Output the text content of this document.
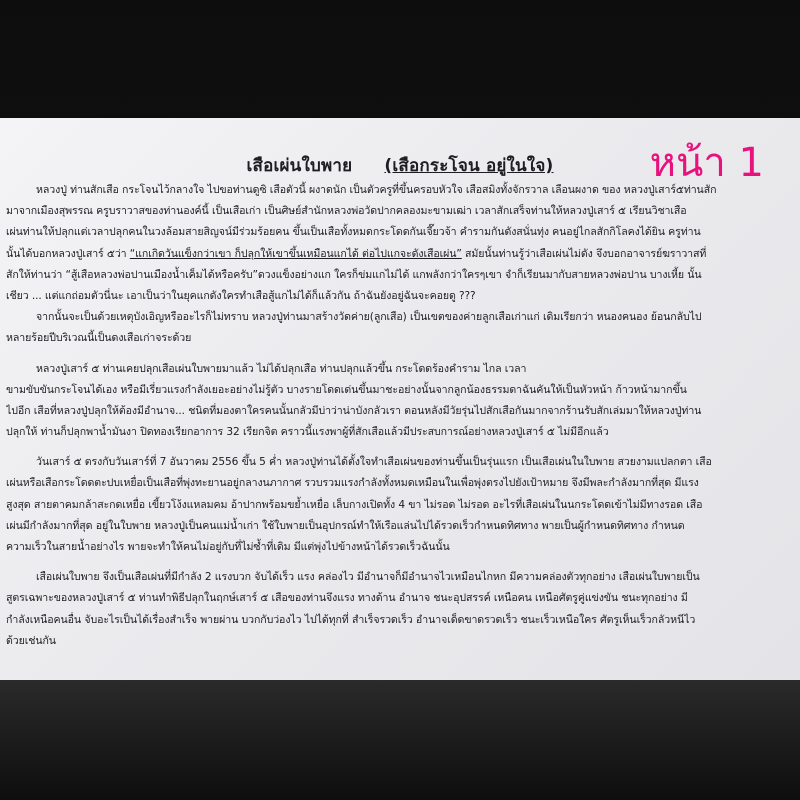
หน้า 1
เสือเผ่นใบพาย (เสือกระโจน อยู่ในใจ)
หลวงปู่ ท่านสักเสือ กระโจนไว้กลางใจ ไปขอท่านดูซิ เสือตัวนี้ ผงาดนัก เป็นตัวครูที่ขึ้นครอบหัวใจ เสือสมิงทั้งจักรวาล เลือนผงาด ของ หลวงปู่เสาร์๕ท่านสัก
มาจากเมืองสุพรรณ ครูบราวาสของท่านองค์นี้ เป็นเสือเก่า เป็นศิษย์สำนักหลวงพ่อวัดปากคลองมะขามเฒ่า เวลาสักเสร็จท่านให้หลวงปู่เสาร์ ๕ เรียนวิชาเสือ
เผ่นท่านให้ปลุกแต่เวลาปลุกคนในวงล้อมสายสิญจน์มีร่วมร้อยคน ขึ้นเป็นเสือทั้งหมดกระโดดกันเจี๊ยวจ้า คำรามกันดังสนั่นทุ่ง คนอยู่ไกลสักกิโลคงได้ยิน ครูท่าน
นั้นได้บอกหลวงปู่เสาร์ ๕ว่า “แกเกิดวันแข็งกว่าเขา ก็ปลุกให้เขาขึ้นเหมือนแกได้ ต่อไปแกจะดังเสือเผ่น” สมัยนั้นท่านรู้ว่าเสือเผ่นไม่ดัง จึงบอกอาจารย์ฆราวาสที่
สักให้ท่านว่า “สู้เสือหลวงพ่อปานเมืองน้ำเค็มได้หรือครับ”ดวงแข็งอย่างแก ใครก็ข่มแกไม่ได้ แกพลังกว่าใครๆเขา จำก็เรียนมากับสายหลวงพ่อปาน บางเหี้ย นั้น
เชียว ... แต่แกถ่อมตัวนี่นะ เอาเป็นว่าในยุคแกดังใครทำเสือสู้แกไม่ได้ก็แล้วกัน ถ้าฉันยังอยู่ฉันจะคอยดู ???
จากนั้นจะเป็นด้วยเหตุบังเอิญหรืออะไรก็ไม่ทราบ หลวงปู่ท่านมาสร้างวัดค่าย(ลูกเสือ) เป็นเขตของค่ายลูกเสือเก่าแก่ เดิมเรียกว่า หนองคนอง ย้อนกลับไป
หลายร้อยปีบริเวณนี้เป็นดงเสือเก่าจระด้วย
หลวงปู่เสาร์ ๕ ท่านเคยปลุกเสือเผ่นใบพายมาแล้ว ไม่ได้ปลุกเสือ ท่านปลุกแล้วขึ้น กระโดดร้องคำราม ไกล เวลา
ขามขับขันกระโจนได้เอง หรือมีเรี่ยวแรงกำลังเยอะอย่างไม่รู้ตัว บางรายโดดเด่นขึ้นมาชะอย่างนั้นจากลูกน้องธรรมดาฉันคันให้เป็นหัวหน้า ก้าวหน้ามากขึ้น
ไปอีก เสือที่หลวงปู่ปลุกให้ต้องมีอำนาจ... ชนิดที่มองตาใครคนนั้นกลัวมีบ่าว่าน่าบังกลัวเรา ตอนหลังมีวัยรุ่นไปสักเสือกันมากจากร้านรับสักเล่มมาให้หลวงปู่ท่าน
ปลุกให้ ท่านก็ปลุกพาน้ำมันงา ปิดทองเรียกอาการ 32 เรียกจิต คราวนี้แรงพาผู้ที่สักเสือแล้วมีประสบการณ์อย่างหลวงปู่เสาร์ ๕ ไม่มีอีกแล้ว
วันเสาร์ ๕ ตรงกับวันเสาร์ที่ 7 อันวาคม 2556 ขึ้น 5 ค่ำ หลวงปู่ท่านได้ตั้งใจทำเสือเผ่นของท่านขึ้นเป็นรุ่นแรก เป็นเสือเผ่นในใบพาย สวยงามแปลกตา เสือ
เผ่นหรือเสือกระโดดตะปบเหยื่อเป็นเสือที่พุ่งทะยานอยู่กลางนภากาศ รวบรวมแรงกำลังทั้งหมดเหมือนในเพื่อพุ่งตรงไปยังเป้าหมาย จึงมีพละกำลังมากที่สุด มีแรง
สูงสุด สายตาคมกล้าสะกดเหยื่อ เขี้ยวโง้งแหลมคม อ้าปากพร้อมขย้ำเหยื่อ เล็บกางเปิดทั้ง 4 ขา ไม่รอด ไม่รอด อะไรที่เสือเผ่นในนกระโดดเข้าไม่มีทางรอด เสือ
เผ่นมีกำลังมากที่สุด อยู่ในใบพาย หลวงปู่เป็นคนแม่น้ำเก่า ใช้ใบพายเป็นอุปกรณ์ทำให้เรือแล่นไปได้รวดเร็วกำหนดทิศทาง พายเป็นผู้กำหนดทิศทาง กำหนด
ความเร็วในสายน้ำอย่างไร พายจะทำให้คนไม่อยู่กับที่ไม่ซ้ำที่เดิม มีแต่พุ่งไปข้างหน้าได้รวดเร็วฉันนั้น
เสือเผ่นใบพาย จึงเป็นเสือเผ่นที่มีกำลัง 2 แรงบวก จับได้เร็ว แรง คล่องไว มีอำนาจก็มีอำนาจไวเหมือนไกหก มีความคล่องตัวทุกอย่าง เสือเผ่นใบพายเป็น
สูตรเฉพาะของหลวงปู่เสาร์ ๕ ท่านทำพิธีปลุกในฤกษ์เสาร์ ๕ เสือของท่านจึงแรง ทางด้าน อำนาจ ชนะอุปสรรค์ เหนือคน เหนือศัตรูคู่แข่งขัน ชนะทุกอย่าง มี
กำลังเหนือคนอื่น จับอะไรเป็นได้เรื่องสำเร็จ พายผ่าน บวกกับว่องไว ไปได้ทุกที่ สำเร็จรวดเร็ว อำนาจเด็ดขาดรวดเร็ว ชนะเร็วเหนือใคร ศัตรูเห็นเร็วกลัวหนีไว
ด้วยเช่นกัน
